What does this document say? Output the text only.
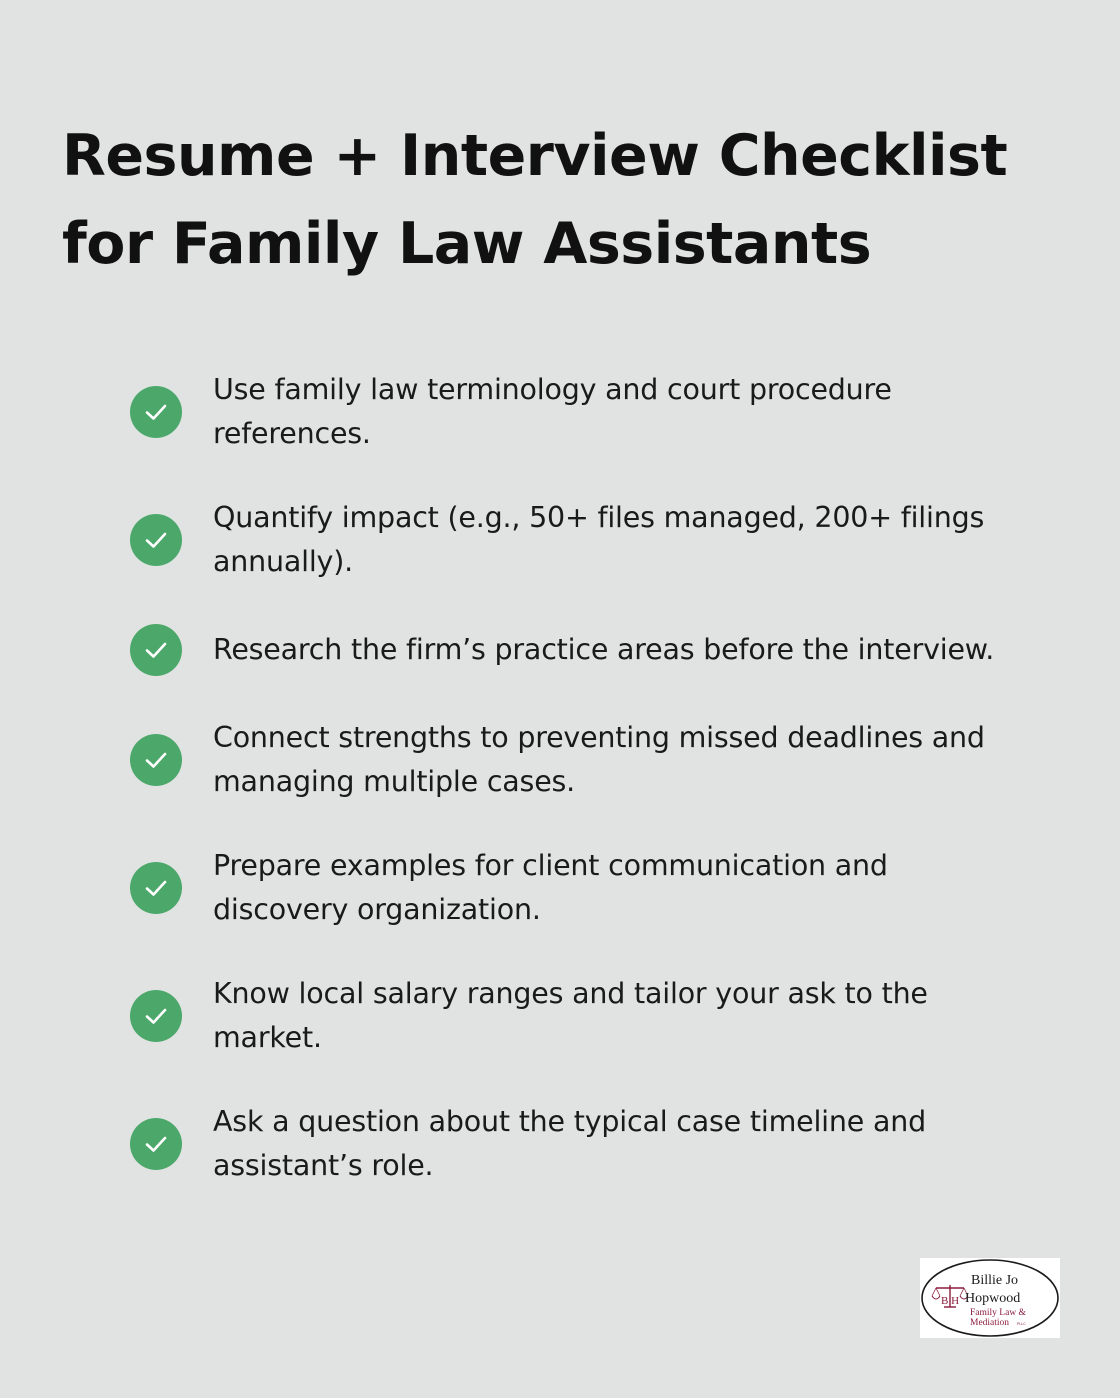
Resume + Interview Checklist
for Family Law Assistants
Use family law terminology and court procedure
references.
Quantify impact (e.g., 50+ files managed, 200+ filings
annually).
Research the firm’s practice areas before the interview.
Connect strengths to preventing missed deadlines and
managing multiple cases.
Prepare examples for client communication and
discovery organization.
Know local salary ranges and tailor your ask to the
market.
Ask a question about the typical case timeline and
assistant’s role.
B H
Billie Jo
Hopwood
Family Law &
Mediation PLLC
